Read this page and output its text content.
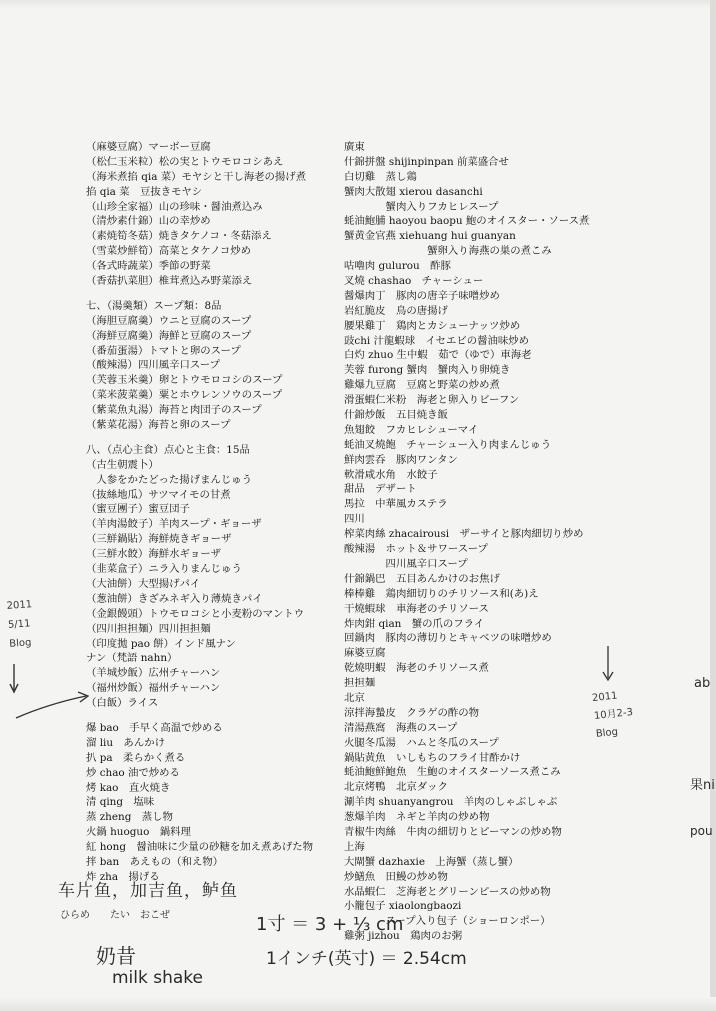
（麻婆豆腐）マーボー豆腐
（松仁玉米粒）松の実とトウモロコシあえ
（海米煮掐 qia 菜）モヤシと干し海老の揚げ煮
掐 qia 菜　豆抜きモヤシ
（山珍全家福）山の珍味・醤油煮込み
（清炒素什錦）山の幸炒め
（素焼筍冬菇）焼きタケノコ・冬菇添え
（雪菜炒鮮筍）高菜とタケノコ炒め
（各式時蔬菜）季節の野菜
（香菇扒菜胆）椎茸煮込み野菜添え
七、（湯羹類）スープ類：8品
（海胆豆腐羹）ウニと豆腐のスープ
（海鮮豆腐羹）海鮮と豆腐のスープ
（番茄蛋湯）トマトと卵のスープ
（酸辣湯）四川風辛口スープ
（芙蓉玉米羹）卵とトウモロコシのスープ
（菜米菠菜羹）粟とホウレンソウのスープ
（紫菜魚丸湯）海苔と肉団子のスープ
（紫菜花湯）海苔と卵のスープ
八、（点心主食）点心と主食：15品
（古生朝震卜）
　人参をかたどった揚げまんじゅう
（抜絲地瓜）サツマイモの甘煮
（蜜豆團子）蜜豆団子
（羊肉湯餃子）羊肉スープ・ギョーザ
（三鮮鍋貼）海鮮焼きギョーザ
（三鮮水餃）海鮮水ギョーザ
（韭菜盒子）ニラ入りまんじゅう
（大油餅）大型揚げパイ
（葱油餅）きざみネギ入り薄焼きパイ
（金銀饅頭）トウモロコシと小麦粉のマントウ
（四川担担麺）四川担担麺
（印度拋 pao 餅）インド風ナン
ナン（梵語 nahn）
（羊城炒飯）広州チャーハン
（福州炒飯）福州チャーハン
（白飯）ライス
爆 bao　手早く高温で炒める
溜 liu　あんかけ
扒 pa　柔らかく煮る
炒 chao 油で炒める
烤 kao　直火焼き
清 qing　塩味
蒸 zheng　蒸し物
火鍋 huoguo　鍋料理
紅 hong　醤油味に少量の砂糖を加え煮あげた物
拌 ban　あえもの（和え物）
炸 zha　揚げる
廣東
什錦拼盤 shijinpinpan 前菜盛合せ
白切雞　蒸し鶏
蟹肉大散翅 xierou dasanchi
　　　　蟹肉入りフカヒレスープ
蚝油鮑脯 haoyou baopu 鮑のオイスター・ソース煮
蟹黄金官燕 xiehuang hui guanyan
　　　　　　　　蟹卵入り海燕の巣の煮こみ
咕嚕肉 gulurou　酢豚
叉燒 chashao　チャーシュー
醤爆肉丁　豚肉の唐辛子味噌炒め
岩紅脆皮　鳥の唐揚げ
腰果雞丁　鶏肉とカシューナッツ炒め
豉chi 汁龍蝦球　イセエビの醤油味炒め
白灼 zhuo 生中蝦　茹で（ゆで）車海老
芙蓉 furong 蟹肉　蟹肉入り卵焼き
雞爆九豆腐　豆腐と野菜の炒め煮
滑蛋蝦仁米粉　海老と卵入りビーフン
什錦炒飯　五目焼き飯
魚翅餃　フカヒレシューマイ
蚝油叉燒飽　チャーシュー入り肉まんじゅう
鮮肉雲呑　豚肉ワンタン
軟滑咸水角　水餃子
甜品　デザート
馬拉　中華風カステラ
四川
榨菜肉絲 zhacairousi　ザーサイと豚肉細切り炒め
酸辣湯　ホット＆サワースープ
　　　　四川風辛口スープ
什錦鍋巴　五目あんかけのお焦げ
棒棒雞　鶏肉細切りのチリソース和(あ)え
干燒蝦球　車海老のチリソース
炸肉鉗 qian　蟹の爪のフライ
回鍋肉　豚肉の薄切りとキャベツの味噌炒め
麻婆豆腐
乾燒明蝦　海老のチリソース煮
担担麺
北京
涼拌海蟄皮　クラゲの酢の物
清湯燕窩　海燕のスープ
火腿冬瓜湯　ハムと冬瓜のスープ
鍋貼黄魚　いしもちのフライ甘酢かけ
蚝油鮑鮮鮑魚　生鮑のオイスターソース煮こみ
北京烤鴨　北京ダック
涮羊肉 shuanyangrou　羊肉のしゃぶしゃぶ
葱爆羊肉　ネギと羊肉の炒め物
青椒牛肉絲　牛肉の細切りとピーマンの炒め物
上海
大閘蟹 dazhaxie　上海蟹（蒸し蟹）
炒鱔魚　田鰻の炒め物
水晶蝦仁　芝海老とグリーンピースの炒め物
小籠包子 xiaolongbaozi
　　　　スープ入り包子（ショーロンポー）
雞粥 jizhou　鶏肉のお粥
2011
5/11
Blog
2011
10月2-3
Blog
ab
果ni
pou
车片鱼，加吉鱼，鲈鱼
ひらめ　　たい　おこぜ	1寸 ＝ 3 + ⅓ cm
1インチ(英寸) ＝ 2.54cm
奶昔
milk shake
